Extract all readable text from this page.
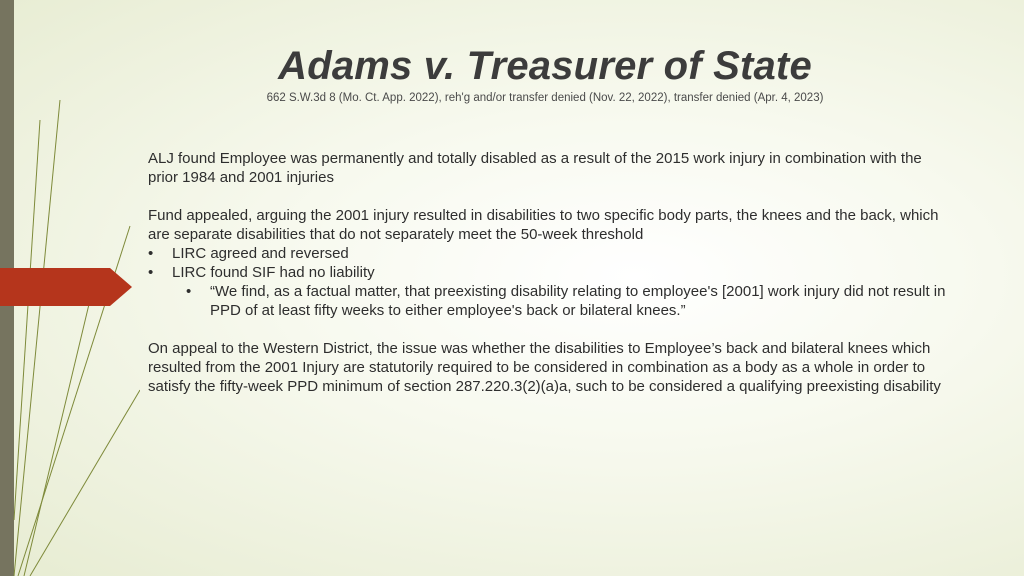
Adams v. Treasurer of State
662 S.W.3d 8 (Mo. Ct. App. 2022), reh'g and/or transfer denied (Nov. 22, 2022), transfer denied (Apr. 4, 2023)

ALJ found Employee was permanently and totally disabled as a result of the 2015 work injury in combination with the prior 1984 and 2001 injuries

Fund appealed, arguing the 2001 injury resulted in disabilities to two specific body parts, the knees and the back, which are separate disabilities that do not separately meet the 50-week threshold

• LIRC agreed and reversed
• LIRC found SIF had no liability
• “We find, as a factual matter, that preexisting disability relating to employee's [2001] work injury did not result in PPD of at least fifty weeks to either employee's back or bilateral knees.”

On appeal to the Western District, the issue was whether the disabilities to Employee’s back and bilateral knees which resulted from the 2001 Injury are statutorily required to be considered in combination as a body as a whole in order to satisfy the fifty-week PPD minimum of section 287.220.3(2)(a)a, such to be considered a qualifying preexisting disability
